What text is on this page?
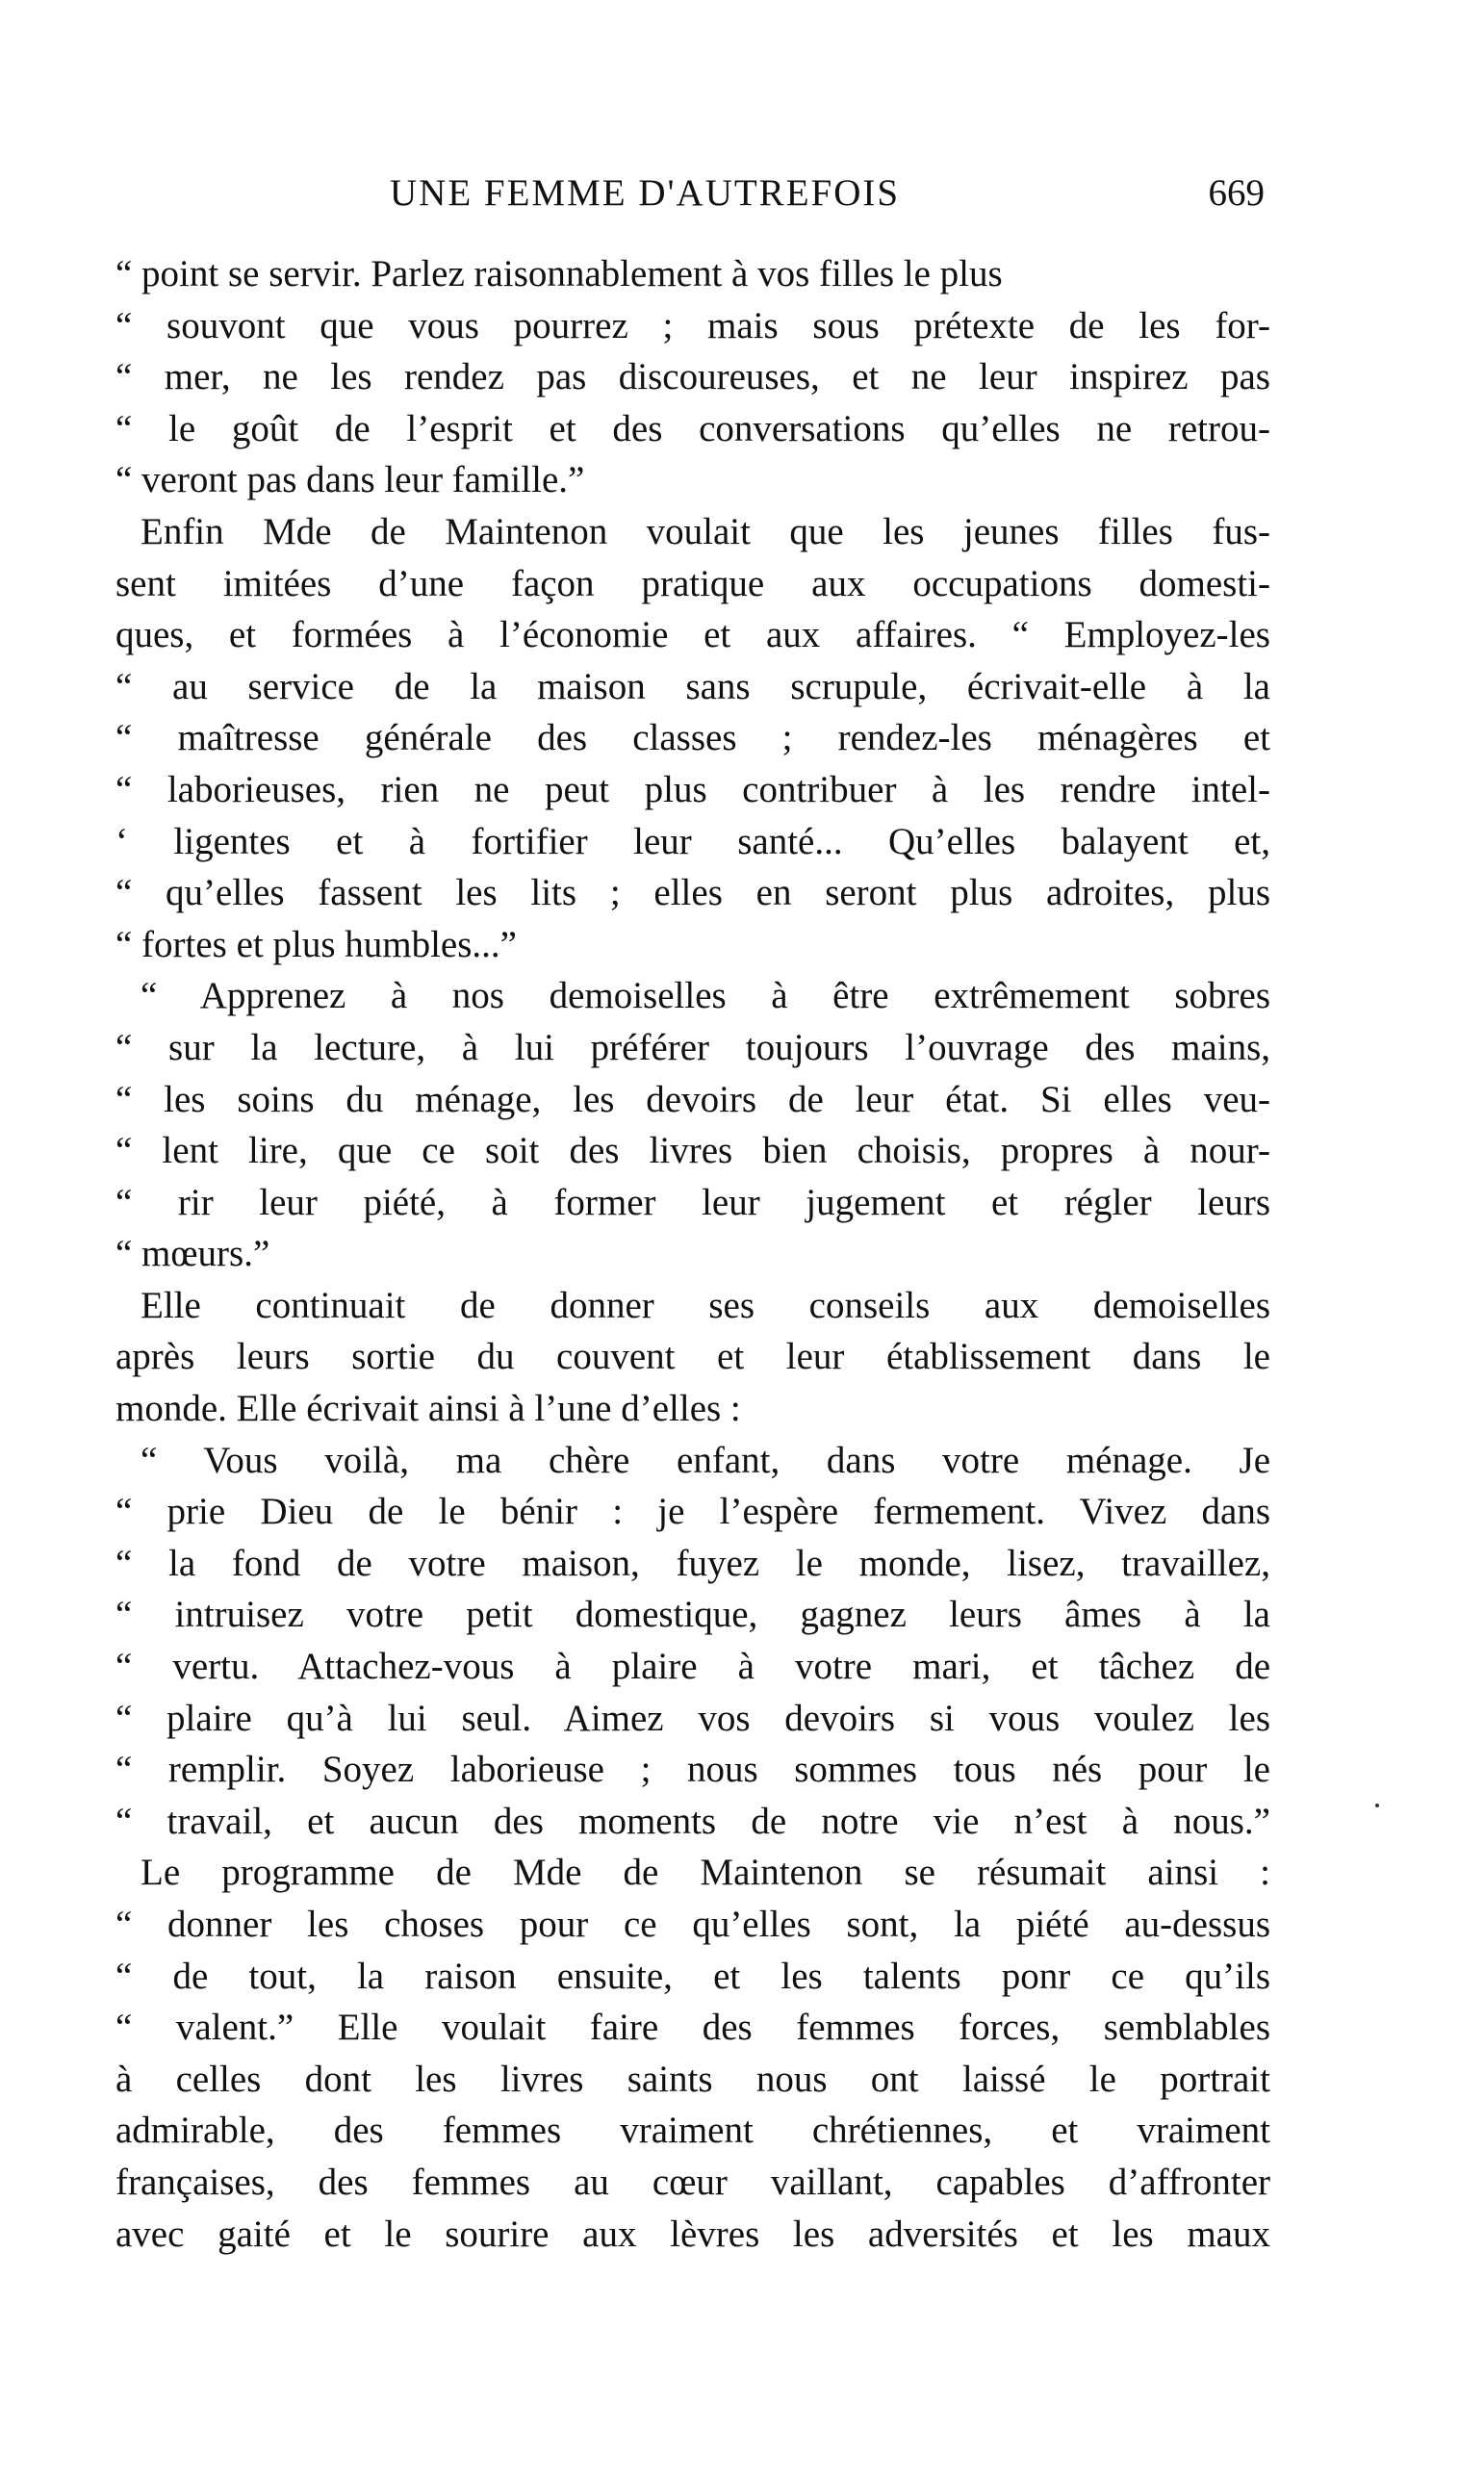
UNE FEMME D'AUTREFOIS	669
“ point se servir. Parlez raisonnablement à vos filles le plus
“ souvont que vous pourrez ; mais sous prétexte de les for-
“ mer, ne les rendez pas discoureuses, et ne leur inspirez pas
“ le goût de l’esprit et des conversations qu’elles ne retrou-
“ veront pas dans leur famille.”
Enfin Mde de Maintenon voulait que les jeunes filles fus-
sent imitées d’une façon pratique aux occupations domesti-
ques, et formées à l’économie et aux affaires. “ Employez-les
“ au service de la maison sans scrupule, écrivait-elle à la
“ maîtresse générale des classes ; rendez-les ménagères et
“ laborieuses, rien ne peut plus contribuer à les rendre intel-
‘ ligentes et à fortifier leur santé... Qu’elles balayent et,
“ qu’elles fassent les lits ; elles en seront plus adroites, plus
“ fortes et plus humbles...”
“ Apprenez à nos demoiselles à être extrêmement sobres
“ sur la lecture, à lui préférer toujours l’ouvrage des mains,
“ les soins du ménage, les devoirs de leur état. Si elles veu-
“ lent lire, que ce soit des livres bien choisis, propres à nour-
“ rir leur piété, à former leur jugement et régler leurs
“ mœurs.”
Elle continuait de donner ses conseils aux demoiselles
après leurs sortie du couvent et leur établissement dans le
monde. Elle écrivait ainsi à l’une d’elles :
“ Vous voilà, ma chère enfant, dans votre ménage. Je
“ prie Dieu de le bénir : je l’espère fermement. Vivez dans
“ la fond de votre maison, fuyez le monde, lisez, travaillez,
“ intruisez votre petit domestique, gagnez leurs âmes à la
“ vertu. Attachez-vous à plaire à votre mari, et tâchez de
“ plaire qu’à lui seul. Aimez vos devoirs si vous voulez les
“ remplir. Soyez laborieuse ; nous sommes tous nés pour le
“ travail, et aucun des moments de notre vie n’est à nous.”
Le programme de Mde de Maintenon se résumait ainsi :
“ donner les choses pour ce qu’elles sont, la piété au-dessus
“ de tout, la raison ensuite, et les talents ponr ce qu’ils
“ valent.” Elle voulait faire des femmes forces, semblables
à celles dont les livres saints nous ont laissé le portrait
admirable, des femmes vraiment chrétiennes, et vraiment
françaises, des femmes au cœur vaillant, capables d’affronter
avec gaité et le sourire aux lèvres les adversités et les maux
